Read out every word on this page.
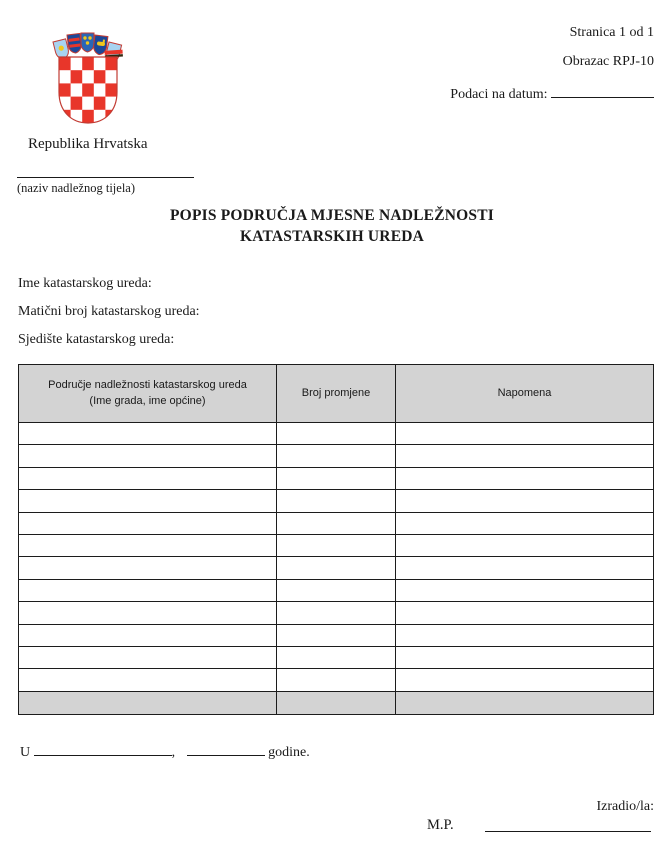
Stranica 1 od 1
Obrazac RPJ-10
Podaci na datum:
Republika Hrvatska
(naziv nadležnog tijela)
POPIS PODRUČJA MJESNE NADLEŽNOSTI
KATASTARSKIH UREDA
Ime katastarskog ureda:
Matični broj katastarskog ureda:
Sjedište katastarskog ureda:
Područje nadležnosti katastarskog ureda
(Ime grada, ime općine)	Broj promjene	Napomena

U	,	godine.
Izradio/la:
M.P.
